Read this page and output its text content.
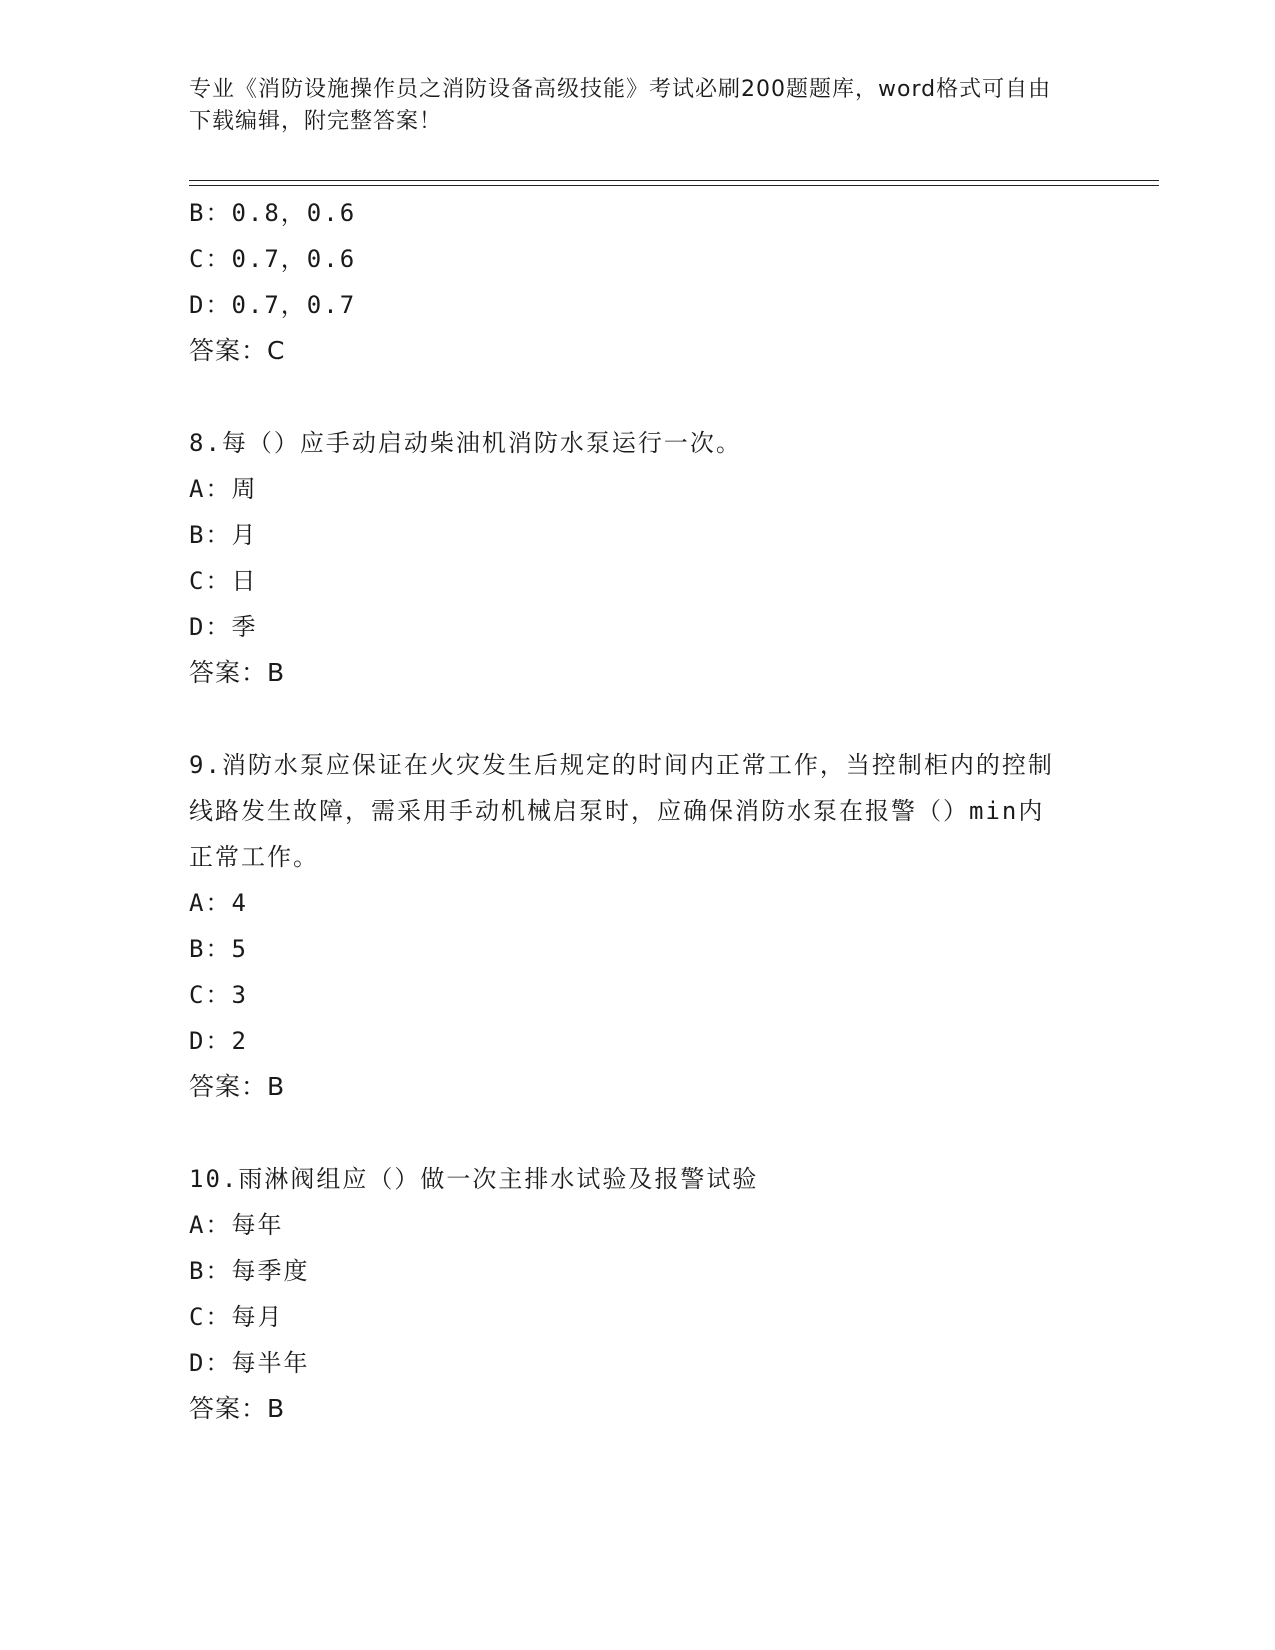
专业《消防设施操作员之消防设备高级技能》考试必刷200题题库，word格式可自由下载编辑，附完整答案！
B：0.8，0.6
C：0.7，0.6
D：0.7，0.7
答案：C
8.每（）应手动启动柴油机消防水泵运行一次。
A：周
B：月
C：日
D：季
答案：B
9.消防水泵应保证在火灾发生后规定的时间内正常工作，当控制柜内的控制线路发生故障，需采用手动机械启泵时，应确保消防水泵在报警（）min内正常工作。
A：4
B：5
C：3
D：2
答案：B
10.雨淋阀组应（）做一次主排水试验及报警试验
A：每年
B：每季度
C：每月
D：每半年
答案：B
